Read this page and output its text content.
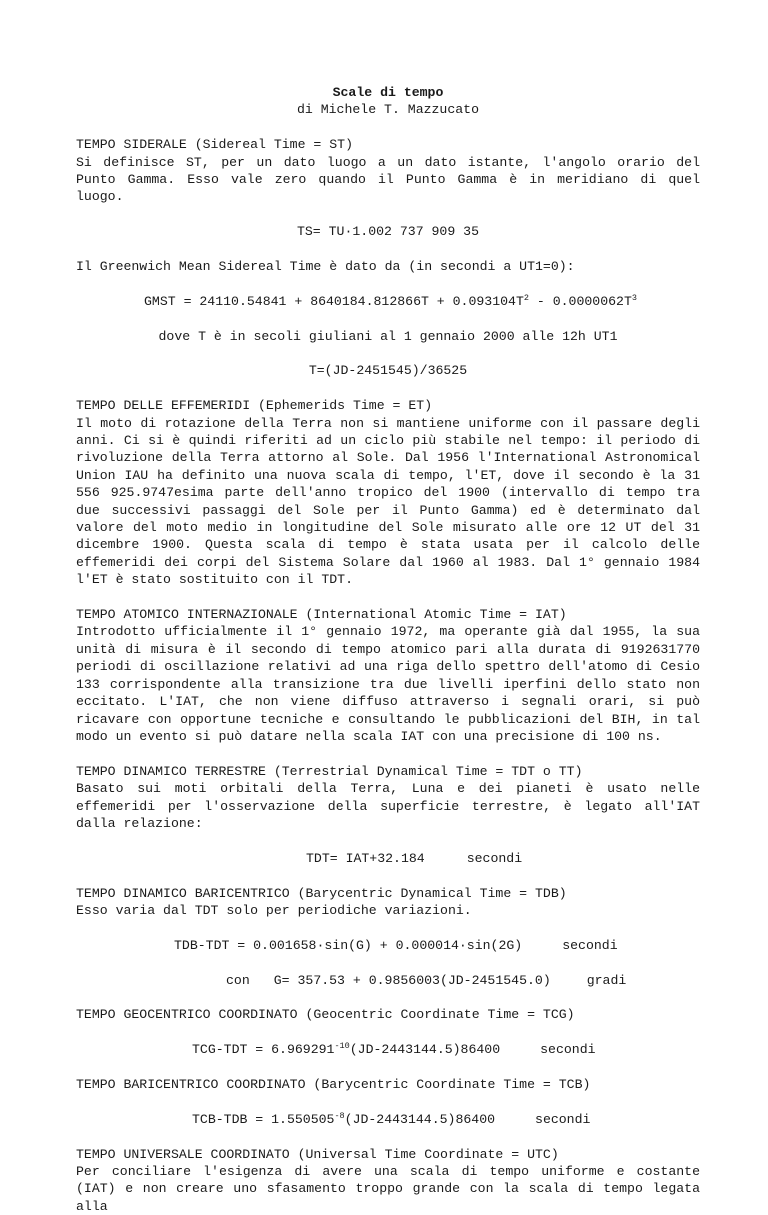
Scale di tempo

di Michele T. Mazzucato

TEMPO SIDERALE (Sidereal Time = ST)

Si definisce ST, per un dato luogo a un dato istante, l'angolo orario del Punto Gamma. Esso vale zero quando il Punto Gamma è in meridiano di quel luogo.

TS= TU·1.002 737 909 35

Il Greenwich Mean Sidereal Time è dato da (in secondi a UT1=0):

GMST = $24110.54841 + 8640184.812866T + 0.093104T^2 - 0.0000062T^3$

dove T è in secoli giuliani al 1 gennaio 2000 alle 12h UT1

T=(JD-2451545)/36525

TEMPO DELLE EFFEMERIDI (Ephemerids Time = ET)

Il moto di rotazione della Terra non si mantiene uniforme con il passare degli anni. Ci si è quindi riferiti ad un ciclo più stabile nel tempo: il periodo di rivoluzione della Terra attorno al Sole. Dal 1956 l'International Astronomical Union IAU ha definito una nuova scala di tempo, l'ET, dove il secondo è la 31 556 925.9747esima parte dell'anno tropico del 1900 (intervallo di tempo tra due successivi passaggi del Sole per il Punto Gamma) ed è determinato dal valore del moto medio in longitudine del Sole misurato alle ore 12 UT del 31 dicembre 1900. Questa scala di tempo è stata usata per il calcolo delle effemeridi dei corpi del Sistema Solare dal 1960 al 1983. Dal 1° gennaio 1984 l'ET è stato sostituito con il TDT.

TEMPO ATOMICO INTERNAZIONALE (International Atomic Time = IAT)

Introdotto ufficialmente il 1° gennaio 1972, ma operante già dal 1955, la sua unità di misura è il secondo di tempo atomico pari alla durata di 9192631770 periodi di oscillazione relativi ad una riga dello spettro dell'atomo di Cesio 133 corrispondente alla transizione tra due livelli iperfini dello stato non eccitato. L'IAT, che non viene diffuso attraverso i segnali orari, si può ricavare con opportune tecniche e consultando le pubblicazioni del BIH, in tal modo un evento si può datare nella scala IAT con una precisione di 100 ns.

TEMPO DINAMICO TERRESTRE (Terrestrial Dynamical Time = TDT o TT)

Basato sui moti orbitali della Terra, Luna e dei pianeti è usato nelle effemeridi per l'osservazione della superficie terrestre, è legato all'IAT dalla relazione:

TDT= IAT+32.184	secondi

TEMPO DINAMICO BARICENTRICO (Barycentric Dynamical Time = TDB)

Esso varia dal TDT solo per periodiche variazioni.

TDB-TDT = 0.001658·sin(G) + 0.000014·sin(2G)	secondi

con G= 357.53 + 0.9856003(JD-2451545.0)	gradi

TEMPO GEOCENTRICO COORDINATO (Geocentric Coordinate Time = TCG)

$TCG-TDT = 6.969291^{-10}(JD-2443144.5)86400$	secondi

TEMPO BARICENTRICO COORDINATO (Barycentric Coordinate Time = TCB)

$TCB-TDB = 1.550505^{-8}(JD-2443144.5)86400$	secondi

TEMPO UNIVERSALE COORDINATO (Universal Time Coordinate = UTC)

Per conciliare l'esigenza di avere una scala di tempo uniforme e costante (IAT) e non creare uno sfasamento troppo grande con la scala di tempo legata alla
